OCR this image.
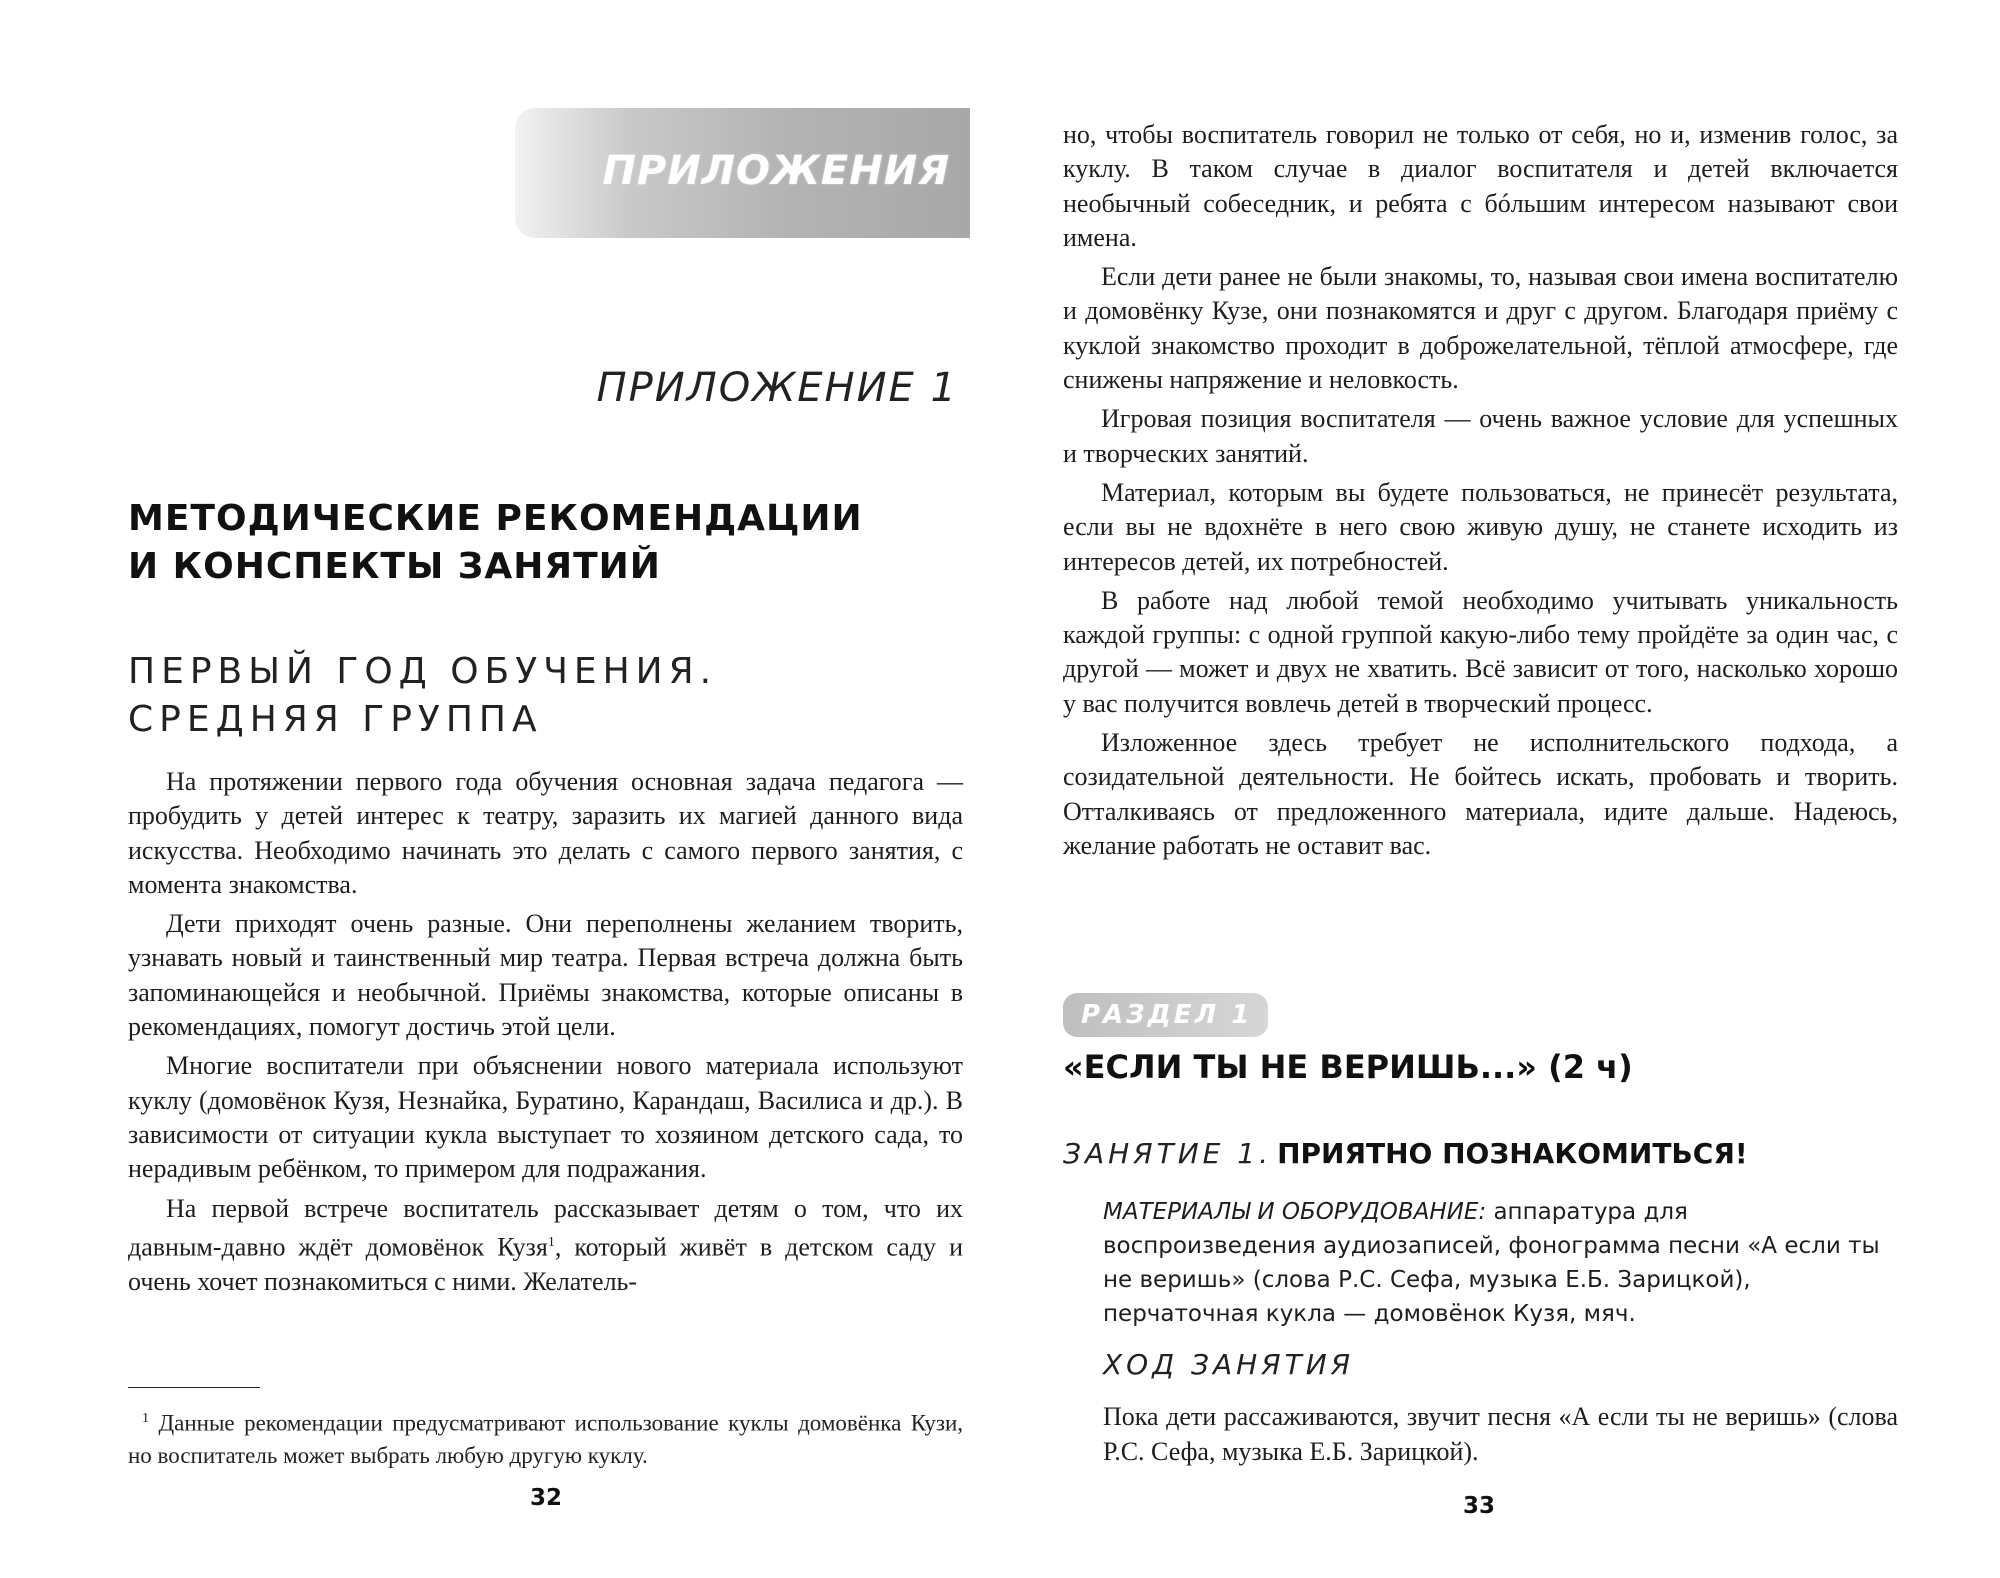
ПРИЛОЖЕНИЯ
ПРИЛОЖЕНИЕ 1
МЕТОДИЧЕСКИЕ РЕКОМЕНДАЦИИ
И КОНСПЕКТЫ ЗАНЯТИЙ
ПЕРВЫЙ ГОД ОБУЧЕНИЯ.
СРЕДНЯЯ ГРУППА

На протяжении первого года обучения основная задача педагога — пробудить у детей интерес к театру, заразить их магией данного вида искусства. Необходимо начинать это делать с самого первого занятия, с момента знакомства.

Дети приходят очень разные. Они переполнены желанием творить, узнавать новый и таинственный мир театра. Первая встреча должна быть запоминающейся и необычной. Приёмы знакомства, которые описаны в рекомендациях, помогут достичь этой цели.

Многие воспитатели при объяснении нового материала используют куклу (домовёнок Кузя, Незнайка, Буратино, Карандаш, Василиса и др.). В зависимости от ситуации кукла выступает то хозяином детского сада, то нерадивым ребёнком, то примером для подражания.

На первой встрече воспитатель рассказывает детям о том, что их давным-давно ждёт домовёнок Кузя$^1$, который живёт в детском саду и очень хочет познакомиться с ними. Желатель-

$^1$ Данные рекомендации предусматривают использование куклы домовёнка Кузи, но воспитатель может выбрать любую другую куклу.
32

но, чтобы воспитатель говорил не только от себя, но и, изменив голос, за куклу. В таком случае в диалог воспитателя и детей включается необычный собеседник, и ребята с бóльшим интересом называют свои имена.

Если дети ранее не были знакомы, то, называя свои имена воспитателю и домовёнку Кузе, они познакомятся и друг с другом. Благодаря приёму с куклой знакомство проходит в доброжелательной, тёплой атмосфере, где снижены напряжение и неловкость.

Игровая позиция воспитателя — очень важное условие для успешных и творческих занятий.

Материал, которым вы будете пользоваться, не принесёт результата, если вы не вдохнёте в него свою живую душу, не станете исходить из интересов детей, их потребностей.

В работе над любой темой необходимо учитывать уникальность каждой группы: с одной группой какую-либо тему пройдёте за один час, с другой — может и двух не хватить. Всё зависит от того, насколько хорошо у вас получится вовлечь детей в творческий процесс.

Изложенное здесь требует не исполнительского подхода, а созидательной деятельности. Не бойтесь искать, пробовать и творить. Отталкиваясь от предложенного материала, идите дальше. Надеюсь, желание работать не оставит вас.

РАЗДЕЛ 1
«ЕСЛИ ТЫ НЕ ВЕРИШЬ...» (2 ч)
ЗАНЯТИЕ 1. ПРИЯТНО ПОЗНАКОМИТЬСЯ!
МАТЕРИАЛЫ И ОБОРУДОВАНИЕ: аппаратура для воспроизведения аудиозаписей, фонограмма песни «А если ты не веришь» (слова Р.С. Сефа, музыка Е.Б. Зарицкой), перчаточная кукла — домовёнок Кузя, мяч.
ХОД ЗАНЯТИЯ
Пока дети рассаживаются, звучит песня «А если ты не веришь» (слова Р.С. Сефа, музыка Е.Б. Зарицкой).
33
